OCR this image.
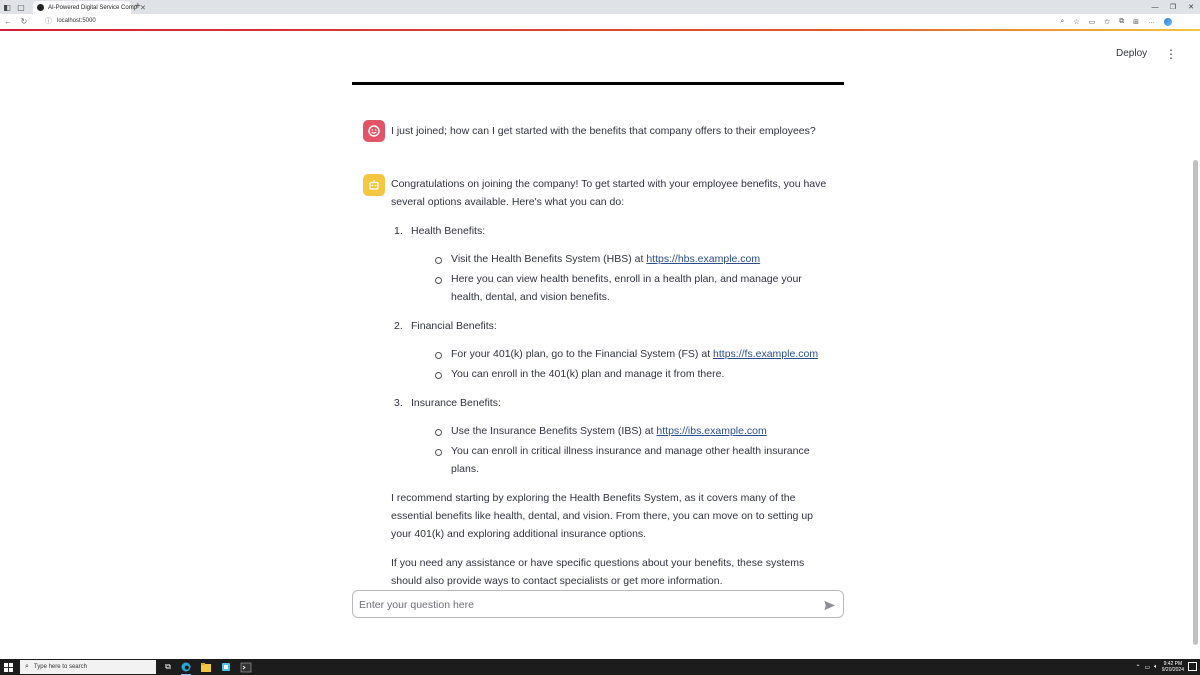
◧ ▢	AI-Powered Digital Service Comp ✕
+	—	❐	✕
←	↻	ⓘ localhost:5000	⌕ ☆ ▭ ✩ ⧉ ⊞ …
Deploy ⋮
I just joined; how can I get started with the benefits that company offers to their employees?

Congratulations on joining the company! To get started with your employee benefits, you have several options available. Here's what you can do:

1. Health Benefits:
Visit the Health Benefits System (HBS) at https://hbs.example.com
Here you can view health benefits, enroll in a health plan, and manage your health, dental, and vision benefits.
2. Financial Benefits:
For your 401(k) plan, go to the Financial System (FS) at https://fs.example.com
You can enroll in the 401(k) plan and manage it from there.
3. Insurance Benefits:
Use the Insurance Benefits System (IBS) at https://ibs.example.com
You can enroll in critical illness insurance and manage other health insurance plans.

I recommend starting by exploring the Health Benefits System, as it covers many of the essential benefits like health, dental, and vision. From there, you can move on to setting up your 401(k) and exploring additional insurance options.

If you need any assistance or have specific questions about your benefits, these systems should also provide ways to contact specialists or get more information.

Enter your question here
⌕ Type here to search	⧉	⌃ ▭ 🔈︎	9:42 PM
9/20/2024
